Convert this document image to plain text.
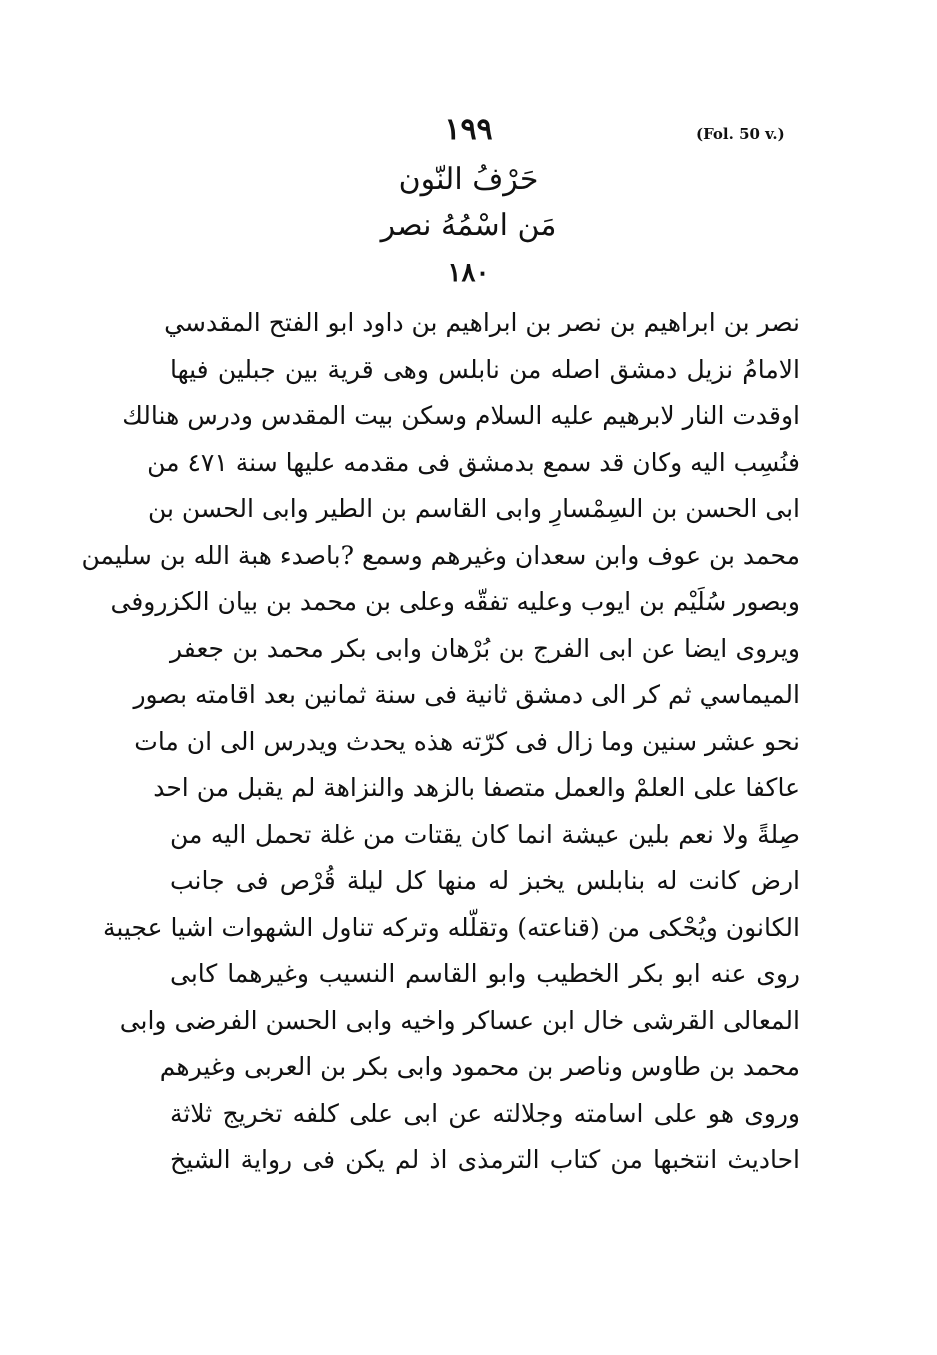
١٩٩	(Fol. 50 v.)
حَرْفُ النّون
مَن اسْمُهُ نصر
١٨٠
نصر بن ابراهيم بن نصر بن ابراهيم بن داود ابو الفتح المقدسي
الامامُ نزيل دمشق اصله من نابلس وهى قرية بين جبلين فيها
اوقدت النار لابرهيم عليه السلام وسكن بيت المقدس ودرس هنالك
فنُسِب اليه وكان قد سمع بدمشق فى مقدمه عليها سنة ٤٧١ من
ابى الحسن بن السِمْسارِ وابى القاسم بن الطير وابى الحسن بن
محمد بن عوف وابن سعدان وغيرهم وسمع ?باصدء هبة الله بن سليمن
وبصور سُلَيْم بن ايوب وعليه تفقّه وعلى بن محمد بن بيان الكزروفى
ويروى ايضا عن ابى الفرج بن بُرْهان وابى بكر محمد بن جعفر
الميماسي ثم كر الى دمشق ثانية فى سنة ثمانين بعد اقامته بصور
نحو عشر سنين وما زال فى كرّته هذه يحدث ويدرس الى ان مات
عاكفا على العلمْ والعمل متصفا بالزهد والنزاهة لم يقبل من احد
صِلةً ولا نعم بلين عيشة انما كان يقتات من غلة تحمل اليه من
ارض كانت له بنابلس يخبز له منها كل ليلة قُرْص فى جانب
الكانون ويُحْكى من (قناعته) وتقلّله وتركه تناول الشهوات اشيا عجيبة
روى عنه ابو بكر الخطيب وابو القاسم النسيب وغيرهما كابى
المعالى القرشى خال ابن عساكر واخيه وابى الحسن الفرضى وابى
محمد بن طاوس وناصر بن محمود وابى بكر بن العربى وغيرهم
وروى هو على اسامته وجلالته عن ابى على كلفه تخريج ثلاثة
احاديث انتخبها من كتاب الترمذى اذ لم يكن فى رواية الشيخ
